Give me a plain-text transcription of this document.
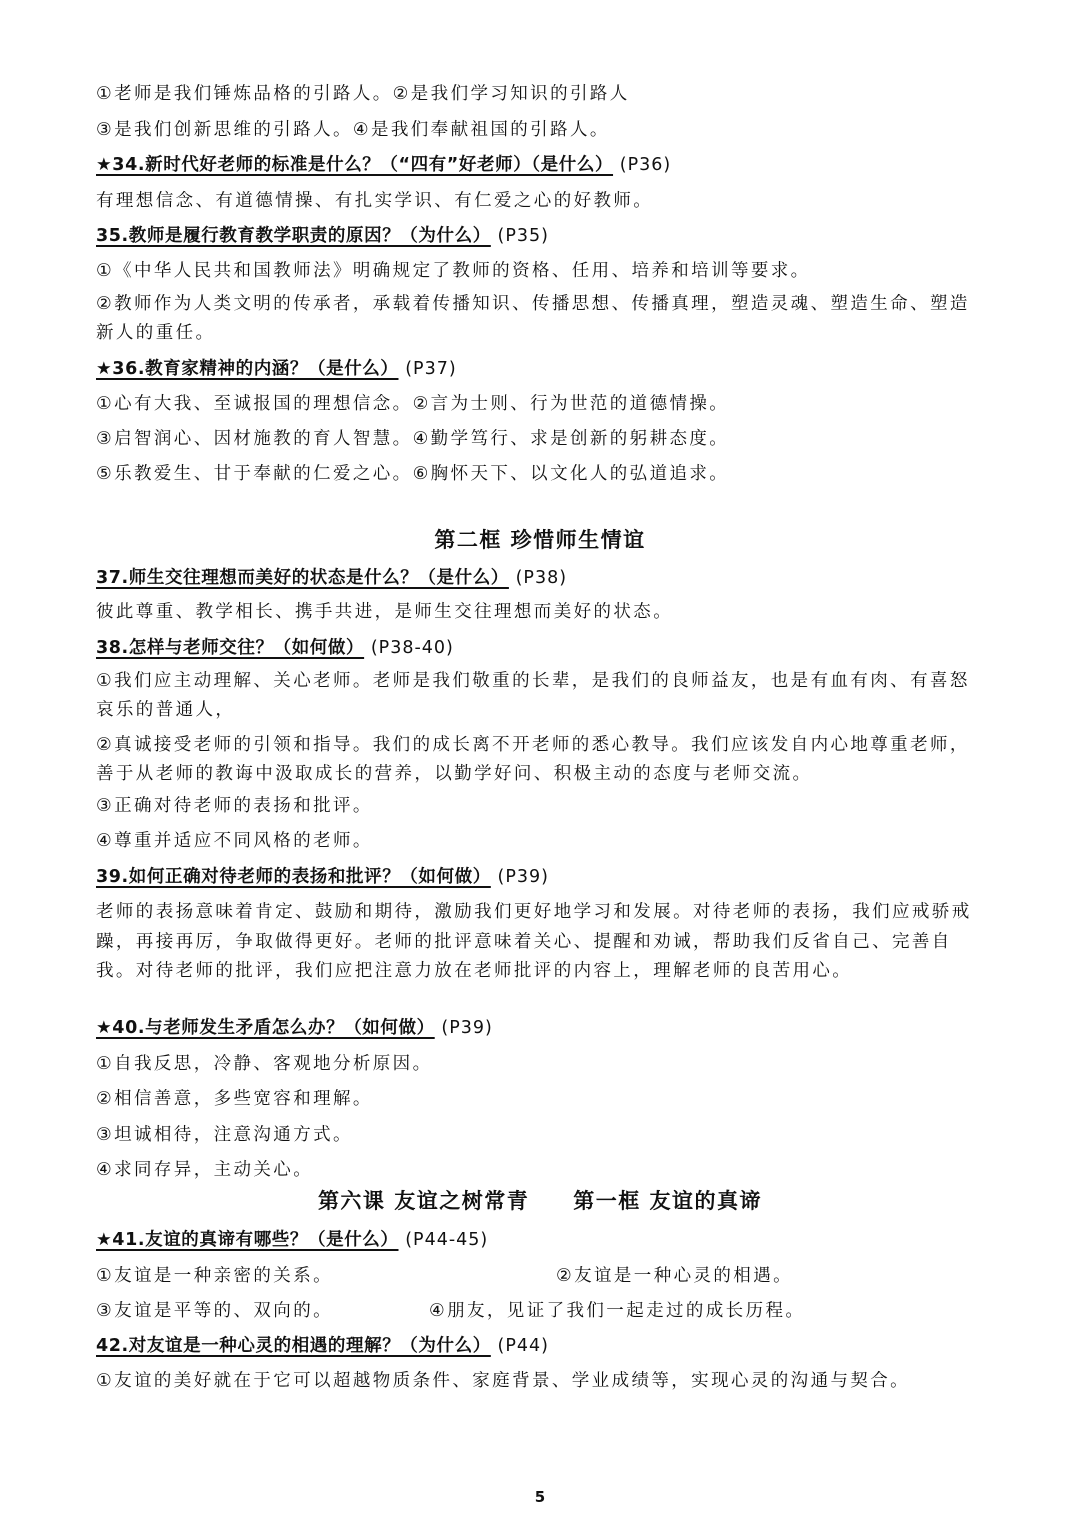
①老师是我们锤炼品格的引路人。②是我们学习知识的引路人
③是我们创新思维的引路人。④是我们奉献祖国的引路人。
★34.新时代好老师的标准是什么？（“四有”好老师）（是什么） (P36)
有理想信念、有道德情操、有扎实学识、有仁爱之心的好教师。
35.教师是履行教育教学职责的原因？（为什么） (P35)
①《中华人民共和国教师法》明确规定了教师的资格、任用、培养和培训等要求。
②教师作为人类文明的传承者，承载着传播知识、传播思想、传播真理，塑造灵魂、塑造生命、塑造新人的重任。
★36.教育家精神的内涵？（是什么） (P37)
①心有大我、至诚报国的理想信念。②言为士则、行为世范的道德情操。
③启智润心、因材施教的育人智慧。④勤学笃行、求是创新的躬耕态度。
⑤乐教爱生、甘于奉献的仁爱之心。⑥胸怀天下、以文化人的弘道追求。
第二框 珍惜师生情谊
37.师生交往理想而美好的状态是什么？（是什么） (P38)
彼此尊重、教学相长、携手共进，是师生交往理想而美好的状态。
38.怎样与老师交往？（如何做） (P38-40)
①我们应主动理解、关心老师。老师是我们敬重的长辈，是我们的良师益友，也是有血有肉、有喜怒哀乐的普通人，
②真诚接受老师的引领和指导。我们的成长离不开老师的悉心教导。我们应该发自内心地尊重老师，善于从老师的教诲中汲取成长的营养，以勤学好问、积极主动的态度与老师交流。
③正确对待老师的表扬和批评。
④尊重并适应不同风格的老师。
39.如何正确对待老师的表扬和批评？（如何做） (P39)
老师的表扬意味着肯定、鼓励和期待，激励我们更好地学习和发展。对待老师的表扬，我们应戒骄戒躁，再接再厉，争取做得更好。老师的批评意味着关心、提醒和劝诫，帮助我们反省自己、完善自我。对待老师的批评，我们应把注意力放在老师批评的内容上，理解老师的良苦用心。
★40.与老师发生矛盾怎么办？（如何做） (P39)
①自我反思，冷静、客观地分析原因。
②相信善意，多些宽容和理解。
③坦诚相待，注意沟通方式。
④求同存异，主动关心。
第六课 友谊之树常青 第一框 友谊的真谛
★41.友谊的真谛有哪些？（是什么） (P44-45)
①友谊是一种亲密的关系。	②友谊是一种心灵的相遇。
③友谊是平等的、双向的。	④朋友，见证了我们一起走过的成长历程。
42.对友谊是一种心灵的相遇的理解？（为什么） (P44)
①友谊的美好就在于它可以超越物质条件、家庭背景、学业成绩等，实现心灵的沟通与契合。
5
